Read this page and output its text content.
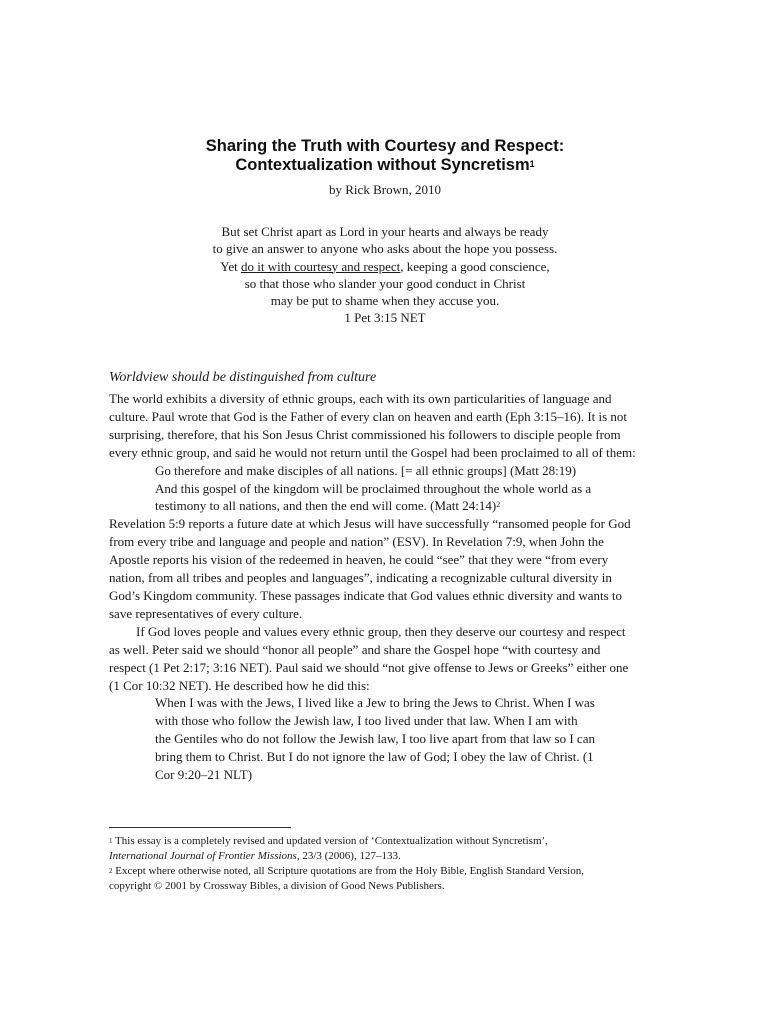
Sharing the Truth with Courtesy and Respect:
Contextualization without Syncretism$^1$
by Rick Brown, 2010
But set Christ apart as Lord in your hearts and always be ready
to give an answer to anyone who asks about the hope you possess.
Yet do it with courtesy and respect, keeping a good conscience,
so that those who slander your good conduct in Christ
may be put to shame when they accuse you.
1 Pet 3:15 NET
Worldview should be distinguished from culture
The world exhibits a diversity of ethnic groups, each with its own particularities of language and
culture. Paul wrote that God is the Father of every clan on heaven and earth (Eph 3:15–16). It is not
surprising, therefore, that his Son Jesus Christ commissioned his followers to disciple people from
every ethnic group, and said he would not return until the Gospel had been proclaimed to all of them:
Go therefore and make disciples of all nations. [= all ethnic groups] (Matt 28:19)
And this gospel of the kingdom will be proclaimed throughout the whole world as a
testimony to all nations, and then the end will come. (Matt 24:14)$^2$
Revelation 5:9 reports a future date at which Jesus will have successfully “ransomed people for God
from every tribe and language and people and nation” (ESV). In Revelation 7:9, when John the
Apostle reports his vision of the redeemed in heaven, he could “see” that they were “from every
nation, from all tribes and peoples and languages”, indicating a recognizable cultural diversity in
God’s Kingdom community. These passages indicate that God values ethnic diversity and wants to
save representatives of every culture.
If God loves people and values every ethnic group, then they deserve our courtesy and respect
as well. Peter said we should “honor all people” and share the Gospel hope “with courtesy and
respect (1 Pet 2:17; 3:16 NET). Paul said we should “not give offense to Jews or Greeks” either one
(1 Cor 10:32 NET). He described how he did this:
When I was with the Jews, I lived like a Jew to bring the Jews to Christ. When I was
with those who follow the Jewish law, I too lived under that law. When I am with
the Gentiles who do not follow the Jewish law, I too live apart from that law so I can
bring them to Christ. But I do not ignore the law of God; I obey the law of Christ. (1
Cor 9:20–21 NLT)
$^1$ This essay is a completely revised and updated version of ‘Contextualization without Syncretism’,
International Journal of Frontier Missions, 23/3 (2006), 127–133.
$^2$ Except where otherwise noted, all Scripture quotations are from the Holy Bible, English Standard Version,
copyright © 2001 by Crossway Bibles, a division of Good News Publishers.
